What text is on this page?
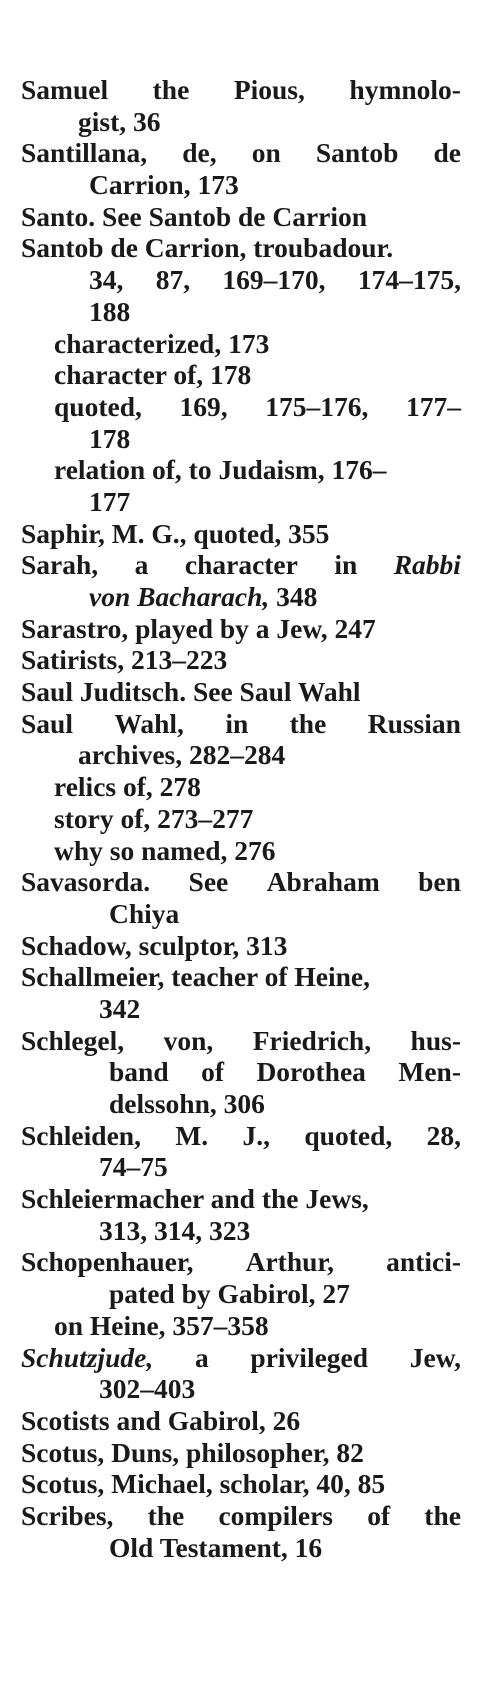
Samuel the Pious, hymnolo-
gist, 36
Santillana, de, on Santob de
Carrion, 173
Santo. See Santob de Carrion
Santob de Carrion, troubadour.
34, 87, 169–170, 174–175,
188
characterized, 173
character of, 178
quoted, 169, 175–176, 177–
178
relation of, to Judaism, 176–
177
Saphir, M. G., quoted, 355
Sarah, a character in Rabbi
von Bacharach, 348
Sarastro, played by a Jew, 247
Satirists, 213–223
Saul Juditsch. See Saul Wahl
Saul Wahl, in the Russian
archives, 282–284
relics of, 278
story of, 273–277
why so named, 276
Savasorda. See Abraham ben
Chiya
Schadow, sculptor, 313
Schallmeier, teacher of Heine,
342
Schlegel, von, Friedrich, hus-
band of Dorothea Men-
delssohn, 306
Schleiden, M. J., quoted, 28,
74–75
Schleiermacher and the Jews,
313, 314, 323
Schopenhauer, Arthur, antici-
pated by Gabirol, 27
on Heine, 357–358
Schutzjude, a privileged Jew,
302–403
Scotists and Gabirol, 26
Scotus, Duns, philosopher, 82
Scotus, Michael, scholar, 40, 85
Scribes, the compilers of the
Old Testament, 16
